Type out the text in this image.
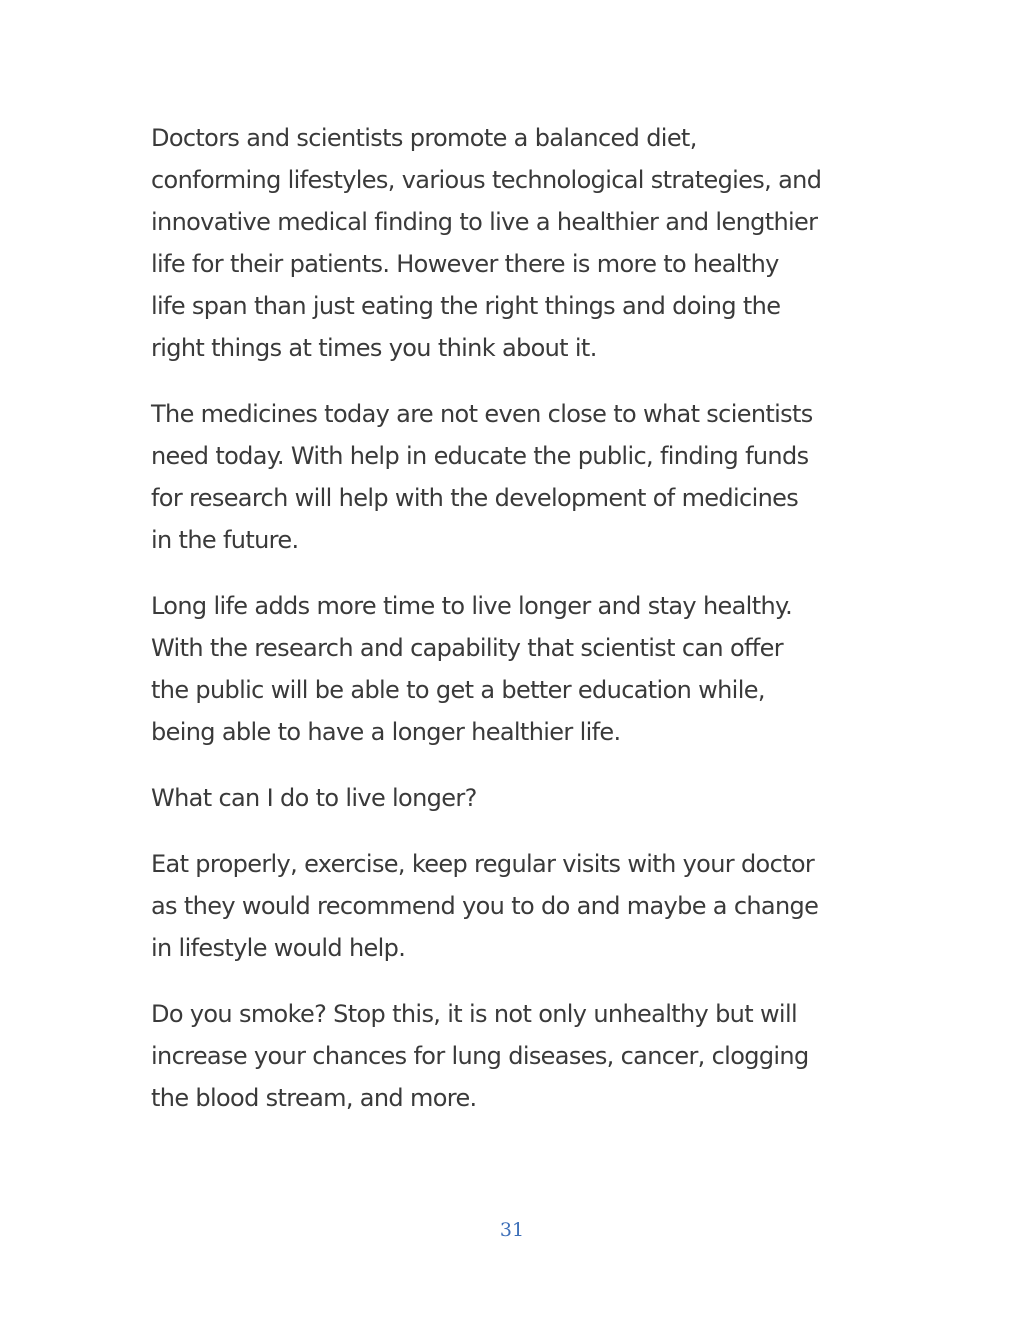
Doctors and scientists promote a balanced diet,
conforming lifestyles, various technological strategies, and
innovative medical finding to live a healthier and lengthier
life for their patients. However there is more to healthy
life span than just eating the right things and doing the
right things at times you think about it.

The medicines today are not even close to what scientists
need today. With help in educate the public, finding funds
for research will help with the development of medicines
in the future.

Long life adds more time to live longer and stay healthy.
With the research and capability that scientist can offer
the public will be able to get a better education while,
being able to have a longer healthier life.

What can I do to live longer?

Eat properly, exercise, keep regular visits with your doctor
as they would recommend you to do and maybe a change
in lifestyle would help.

Do you smoke? Stop this, it is not only unhealthy but will
increase your chances for lung diseases, cancer, clogging
the blood stream, and more.

31
